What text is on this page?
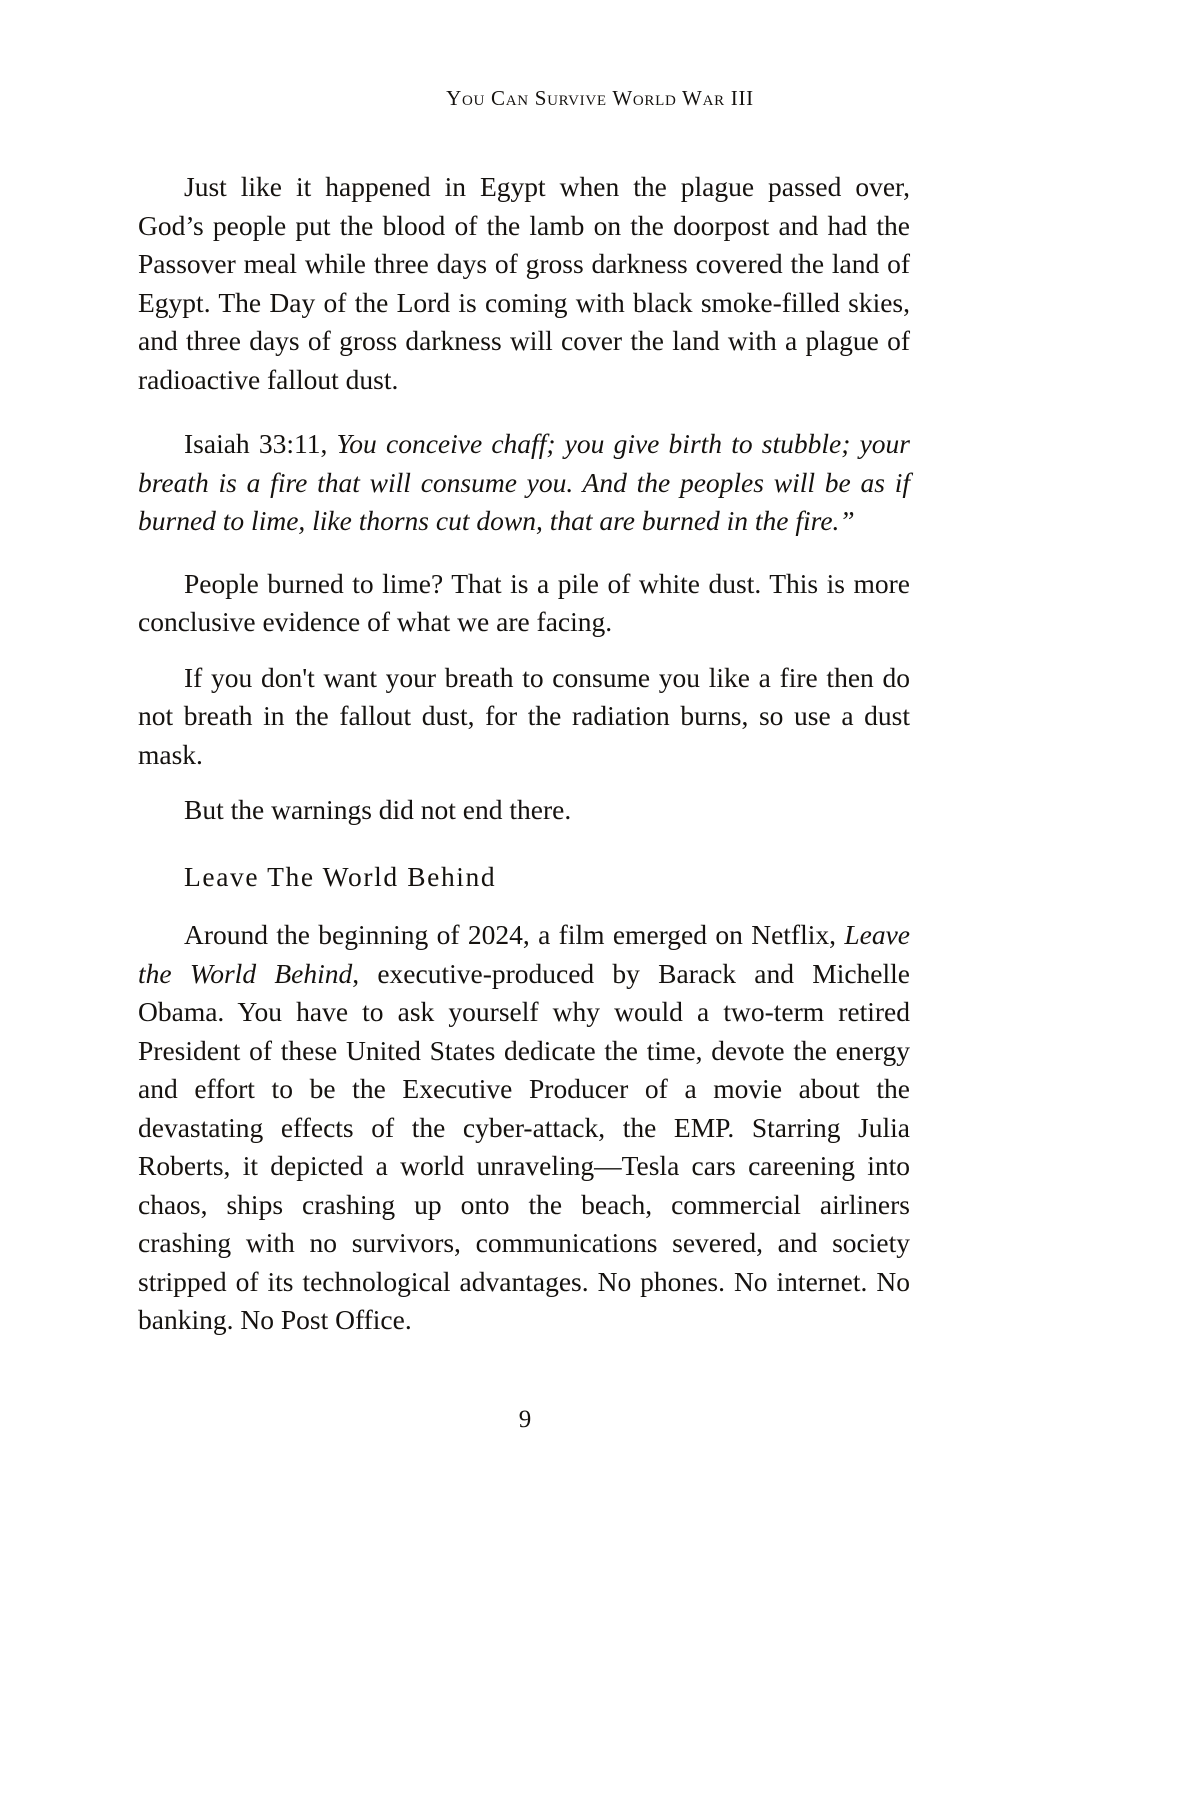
You Can Survive World War III

Just like it happened in Egypt when the plague passed over, God’s people put the blood of the lamb on the doorpost and had the Passover meal while three days of gross darkness covered the land of Egypt. The Day of the Lord is coming with black smoke-filled skies, and three days of gross darkness will cover the land with a plague of radioactive fallout dust.

Isaiah 33:11, You conceive chaff; you give birth to stubble; your breath is a fire that will consume you. And the peoples will be as if burned to lime, like thorns cut down, that are burned in the fire.”

People burned to lime? That is a pile of white dust. This is more conclusive evidence of what we are facing.

If you don't want your breath to consume you like a fire then do not breath in the fallout dust, for the radiation burns, so use a dust mask.

But the warnings did not end there.

Leave The World Behind

Around the beginning of 2024, a film emerged on Netflix, Leave the World Behind, executive-produced by Barack and Michelle Obama. You have to ask yourself why would a two-term retired President of these United States dedicate the time, devote the energy and effort to be the Executive Producer of a movie about the devastating effects of the cyber-attack, the EMP. Starring Julia Roberts, it depicted a world unraveling—Tesla cars careening into chaos, ships crashing up onto the beach, commercial airliners crashing with no survivors, communications severed, and society stripped of its technological advantages. No phones. No internet. No banking. No Post Office.

9
